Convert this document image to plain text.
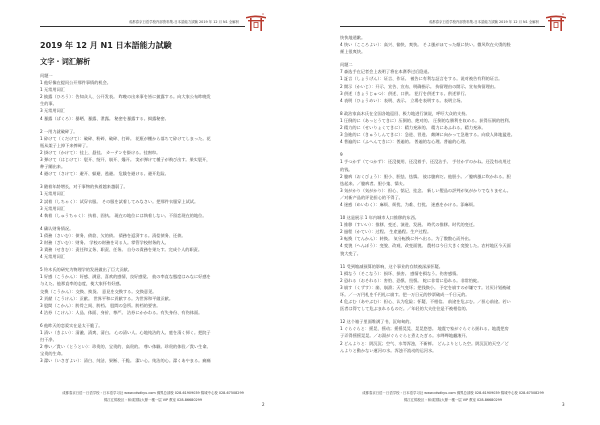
成都春京日语学校内部资料集-日本語能力試験 2019 年 12 月 N1 全解析
2019 年 12 月 N1 日本語能力試験
文字・词汇解析
问题一
1 他好像在提问公开那件事情的机会。
1 无常用词汇
2 披露（ひろう）：告知众人、公开发表。 昨晚の出来事を皆に披露する。向大家公布昨晚发
生的事。
3 无常用词汇
4 暴露（ばくろ）：暴晒、暴露、泄露。 秘密を暴露する。揭露秘密。
2 一用力就破碎了。
1 砕けて（くだけて）：破碎、粉碎、破碎、打碎。 花瓶が棚から落ちて砕けてしまった。花
瓶从架子上掉下来摔碎了。
2 掛けて（かけて）：挂上、悬挂。 カーテンを掛ける。挂窗帘。
3 弾けて（はじけて）：裂开、绽开、崩开、爆开。 実が弾けて種子が飛び出す。果实裂开，
种子蹦出来。
4 避けて（さけて）：避开、躲避、逃避。 危険を避ける。避开危险。
3 随着年龄增长，对于事物的执着越来越弱了。
1 无常用词汇
2 試着（しちゃく）：试穿衣服。 その服を試着してみなさい。把那件衣服穿上试试。
3 无常用词汇
4 執着（しゅうちゃく）：执着、固执。 現在の地位には執着しない。不留恋现在的地位。
4 确认财务情况。
1 債務（さいむ）：债务、债款、欠的债。 債務を返済する。清偿债务、还债。
2 財務（ざいむ）：财务。 学校の財務を司る人。掌管学校财务的人。
3 責務（せきむ）：责任和义务、职责、任务。 自分の責務を果たす。完成个人的职责。
4 无常用词汇
5 铃木氏的研究为物理学的发展做出了巨大贡献。
1 好感（こうかん）：好感、满意、喜欢的感情，良好感觉。 彼の率直な態度はみなに好感を
与えた。他那直率的态度，使大家怀有好感。
交換（こうかん）：交换、换货。 意見を交換する。交换意见。
2 貢献（こうけん）：贡献。 世界平和に貢献する。为世界和平做贡献。
3 股間（こかん）：胯骨之间、胯档。 股間の急所。胯档的要害。
4 沽券（こけん）：人品、体面、身价、尊严。 沽券にかかわる。有失身份、有伤体面。
6 他昨天的恋爱实在是太干脆了。
1 清い（きよい）：清澈、清爽、清白。 心の清い人。心地纯洁的人。庭を清く掃く。把院子
扫干净。
2 尊い／貴い（とうとい）：珍贵的、宝贵的、高贵的。 尊い体験。珍贵的体验／貴い生命。
宝贵的生命。
3 潔い（いさぎよい）：清白、纯洁、果断、干脆。 潔い心。纯洁的心。潔くあやまる。痛痛
成都春京日语－日语学校・日本语学习社 www.cdsdkyu.com 佛界总部校 028-61909039 锦城中心校 028-67508299
锦江汇锦校区・和成国际大厦一楼一层 VIP 教室 028-86680299
2
成都春京日语学校内部资料集-日本語能力試験 2019 年 12 月 N1 全解析
快快地道歉。
4 快い（こころよい）：高兴、愉快、爽快。 そよ風がほてった顔に快い。微风吹在火烫的脸
颊上很爽快。
问题二
7 森选手在记者会上表明了将在本赛季过后隐退。
1 証言（しょうげん）：证言、作证。 被告に有利な証言をする。说对被告有利的证言。
2 開示（かいじ）：开示、宣告、宣布、明确指示。 拘留理由の開示。宣布拘留理由。
3 供述（きょうじゅつ）：供述、口供。 犯行を供述する。供述罪行。
4 表明（ひょうめい）：表明、表示。 立場を表明する。表明立场。
8 政治家高木氏在全国各地巡回、极力地进行演说，呼吁大众的支持。
1 圧倒的に（あっとうてきに）压倒的、绝对的。 圧倒的な勝利を収める。获得压倒的胜利。
2 精力的に（せいりょくてきに）：精力充沛的。 精力にあふれる。精力充沛。
3 急進的に（きゅうしんてきに）：急进、冒进。 敵陣に向かって急進する。向敌人阵地猛进。
4 普遍的に（ふへんてきに）：普遍的。 普遍的な心理。普遍的心理。
9
1 手つかず（てつかず）：还没使用、还没着手、还没沾手。 手付かずのかね。还没有动用过
的钱。
2 臆病（おくびょう）：胆小、胆怯、怯懦。 彼は臆病だ。他胆小。／臆病風に吹かれる。胆
怯起来。／臆病者。胆小鬼、懦夫。
3 気がかり（気がかり）：担心、惦记、挂念。 新しい製品の評判が気がかりでなりません。
／对新产品的评论担心的不得了。
4 迷惑（めいわく）：麻烦、烦扰、为难、打扰。 迷惑をかける。添麻烦。
10 这是展示 1 年内城市人口推移的东西。
1 推移（すいい）：推移、变迁、演进、发展。 時代の推移。时代的变迁。
2 過程（かてい）：过程。 生産過程。生产过程。
3 転換（てんかん）：转换。 気分転換に外へ出る。为了散散心而外出。
4 変貌（へんぼう）：变貌、改观、改变面貌。 農村は今日大きく変貌した。农村地区今天面
貌大变了。
11 受到缩减预算的影响，这个事业的存续被深深怀疑。
1 損なう（そこなう）：损坏、损害。 感情を損なう。伤害感情。
2 恐れる（おそれる）：害怕、恐惧、畏惧。 蛇に非常に恐れる。非常怕蛇。
3 崩す（くずす）：崩、崩溃；天气变坏；把钱换小。 予定を崩すのが嫌です。讨厌计划被破
坏。／一万円札を千円札に崩す。把一万日元的钞票破成一千日元的。
4 危ぶむ（あやぶむ）：担心、认为危险；怀疑、不相信。 前途を危ぶむ。／担心前途。若い
医者は得てして危ぶまれるものだ。／年轻的大夫往往是不被相信的。
12 这个箱子里面堆满了书，沉甸甸的。
1 ぐらぐらと：摇晃、摇动；摇摇晃晃、晃晃悠悠。 地震で家がぐらぐら揺れる。地震把房
子弄得摇摇晃晃。／お湯がぐらぐらと煮えたぎる。水哗哗地翻滚开。
2 どんよりと：阴沉沉；空气、水等浑浊，不新鲜。 どんよりとした空。阴沉沉的天空／ど
んよりと動かない運河の水。浑浊不流动的运河水。
成都春京日语－日语学校・日本语学习社 www.cdsdkyu.com 佛界总部校 028-61909039 锦城中心校 028-67508299
锦江汇锦校区・和成国际大厦一楼一层 VIP 教室 028-86680299
3
